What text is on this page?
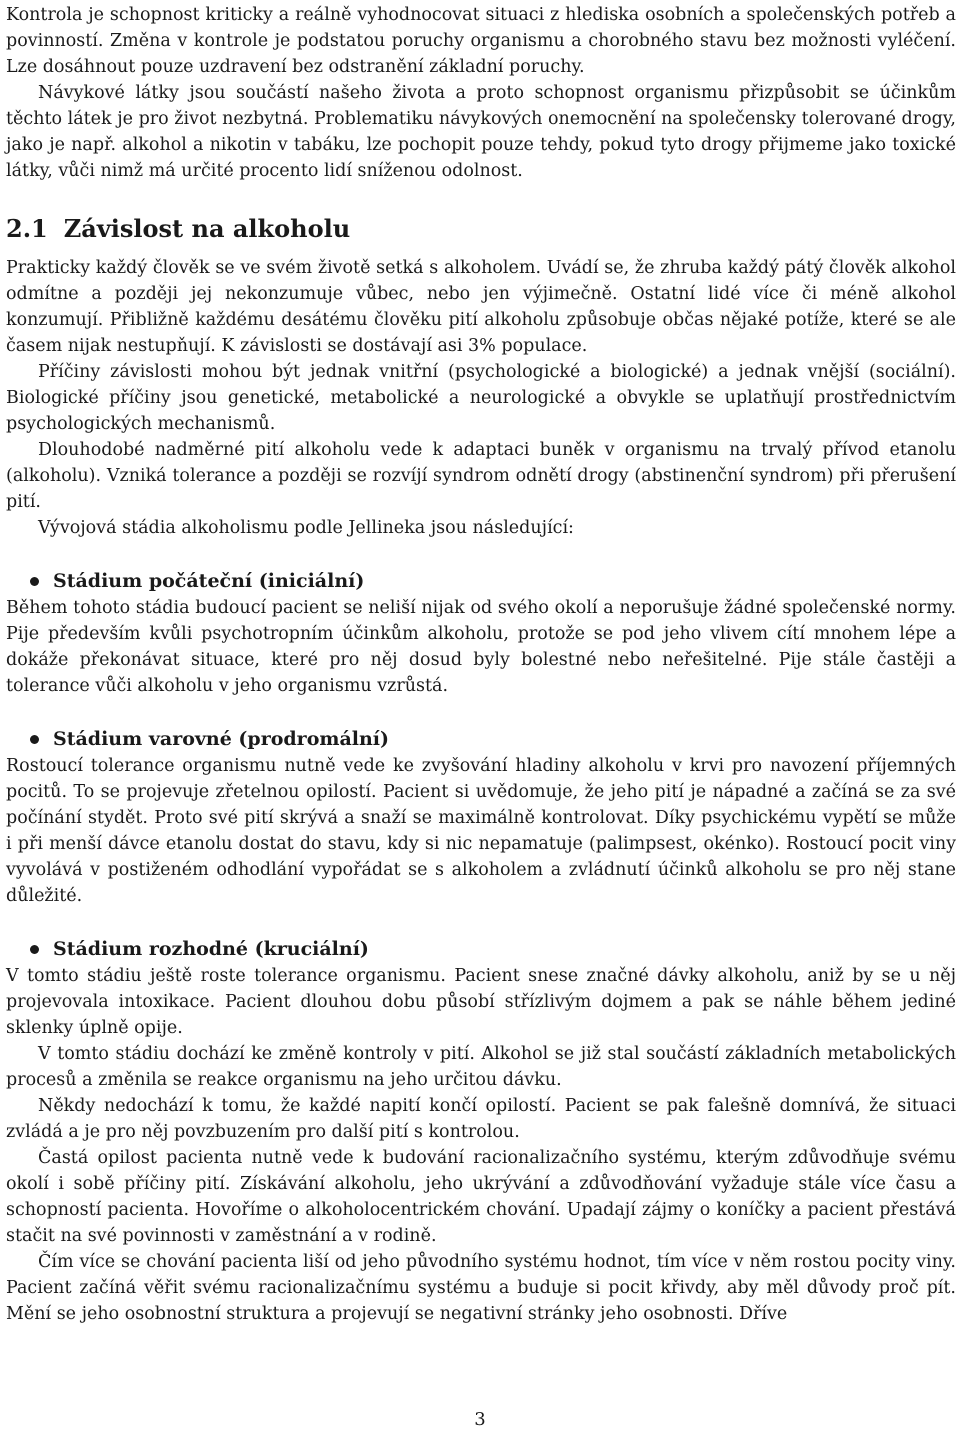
Kontrola je schopnost kriticky a reálně vyhodnocovat situaci z hlediska osobních a společenských potřeb a povinností. Změna v kontrole je podstatou poruchy organismu a chorobného stavu bez možnosti vyléčení. Lze dosáhnout pouze uzdravení bez odstranění základní poruchy.

Návykové látky jsou součástí našeho života a proto schopnost organismu přizpůsobit se účinkům těchto látek je pro život nezbytná. Problematiku návykových onemocnění na společensky tolerované drogy, jako je např. alkohol a nikotin v tabáku, lze pochopit pouze tehdy, pokud tyto drogy přijmeme jako toxické látky, vůči nimž má určité procento lidí sníženou odolnost.

2.1 Závislost na alkoholu

Prakticky každý člověk se ve svém životě setká s alkoholem. Uvádí se, že zhruba každý pátý člověk alkohol odmítne a později jej nekonzumuje vůbec, nebo jen výjimečně. Ostatní lidé více či méně alkohol konzumují. Přibližně každému desátému člověku pití alkoholu způsobuje občas nějaké potíže, které se ale časem nijak nestupňují. K závislosti se dostávají asi 3% populace.

Příčiny závislosti mohou být jednak vnitřní (psychologické a biologické) a jednak vnější (sociální). Biologické příčiny jsou genetické, metabolické a neurologické a obvykle se uplatňují prostřednictvím psychologických mechanismů.

Dlouhodobé nadměrné pití alkoholu vede k adaptaci buněk v organismu na trvalý přívod etanolu (alkoholu). Vzniká tolerance a později se rozvíjí syndrom odnětí drogy (abstinenční syndrom) při přerušení pití.

Vývojová stádia alkoholismu podle Jellineka jsou následující:

Stádium počáteční (iniciální)

Během tohoto stádia budoucí pacient se neliší nijak od svého okolí a neporušuje žádné společenské normy. Pije především kvůli psychotropním účinkům alkoholu, protože se pod jeho vlivem cítí mnohem lépe a dokáže překonávat situace, které pro něj dosud byly bolestné nebo neřešitelné. Pije stále častěji a tolerance vůči alkoholu v jeho organismu vzrůstá.

Stádium varovné (prodromální)

Rostoucí tolerance organismu nutně vede ke zvyšování hladiny alkoholu v krvi pro navození příjemných pocitů. To se projevuje zřetelnou opilostí. Pacient si uvědomuje, že jeho pití je nápadné a začíná se za své počínání stydět. Proto své pití skrývá a snaží se maximálně kontrolovat. Díky psychickému vypětí se může i při menší dávce etanolu dostat do stavu, kdy si nic nepamatuje (palimpsest, okénko). Rostoucí pocit viny vyvolává v postiženém odhodlání vypořádat se s alkoholem a zvládnutí účinků alkoholu se pro něj stane důležité.

Stádium rozhodné (kruciální)

V tomto stádiu ještě roste tolerance organismu. Pacient snese značné dávky alkoholu, aniž by se u něj projevovala intoxikace. Pacient dlouhou dobu působí střízlivým dojmem a pak se náhle během jediné sklenky úplně opije.

V tomto stádiu dochází ke změně kontroly v pití. Alkohol se již stal součástí základních metabolických procesů a změnila se reakce organismu na jeho určitou dávku.

Někdy nedochází k tomu, že každé napití končí opilostí. Pacient se pak falešně domnívá, že situaci zvládá a je pro něj povzbuzením pro další pití s kontrolou.

Častá opilost pacienta nutně vede k budování racionalizačního systému, kterým zdůvodňuje svému okolí i sobě příčiny pití. Získávání alkoholu, jeho ukrývání a zdůvodňování vyžaduje stále více času a schopností pacienta. Hovoříme o alkoholocentrickém chování. Upadají zájmy o koníčky a pacient přestává stačit na své povinnosti v zaměstnání a v rodině.

Čím více se chování pacienta liší od jeho původního systému hodnot, tím více v něm rostou pocity viny. Pacient začíná věřit svému racionalizačnímu systému a buduje si pocit křivdy, aby měl důvody proč pít. Mění se jeho osobnostní struktura a projevují se negativní stránky jeho osobnosti. Dříve

3
